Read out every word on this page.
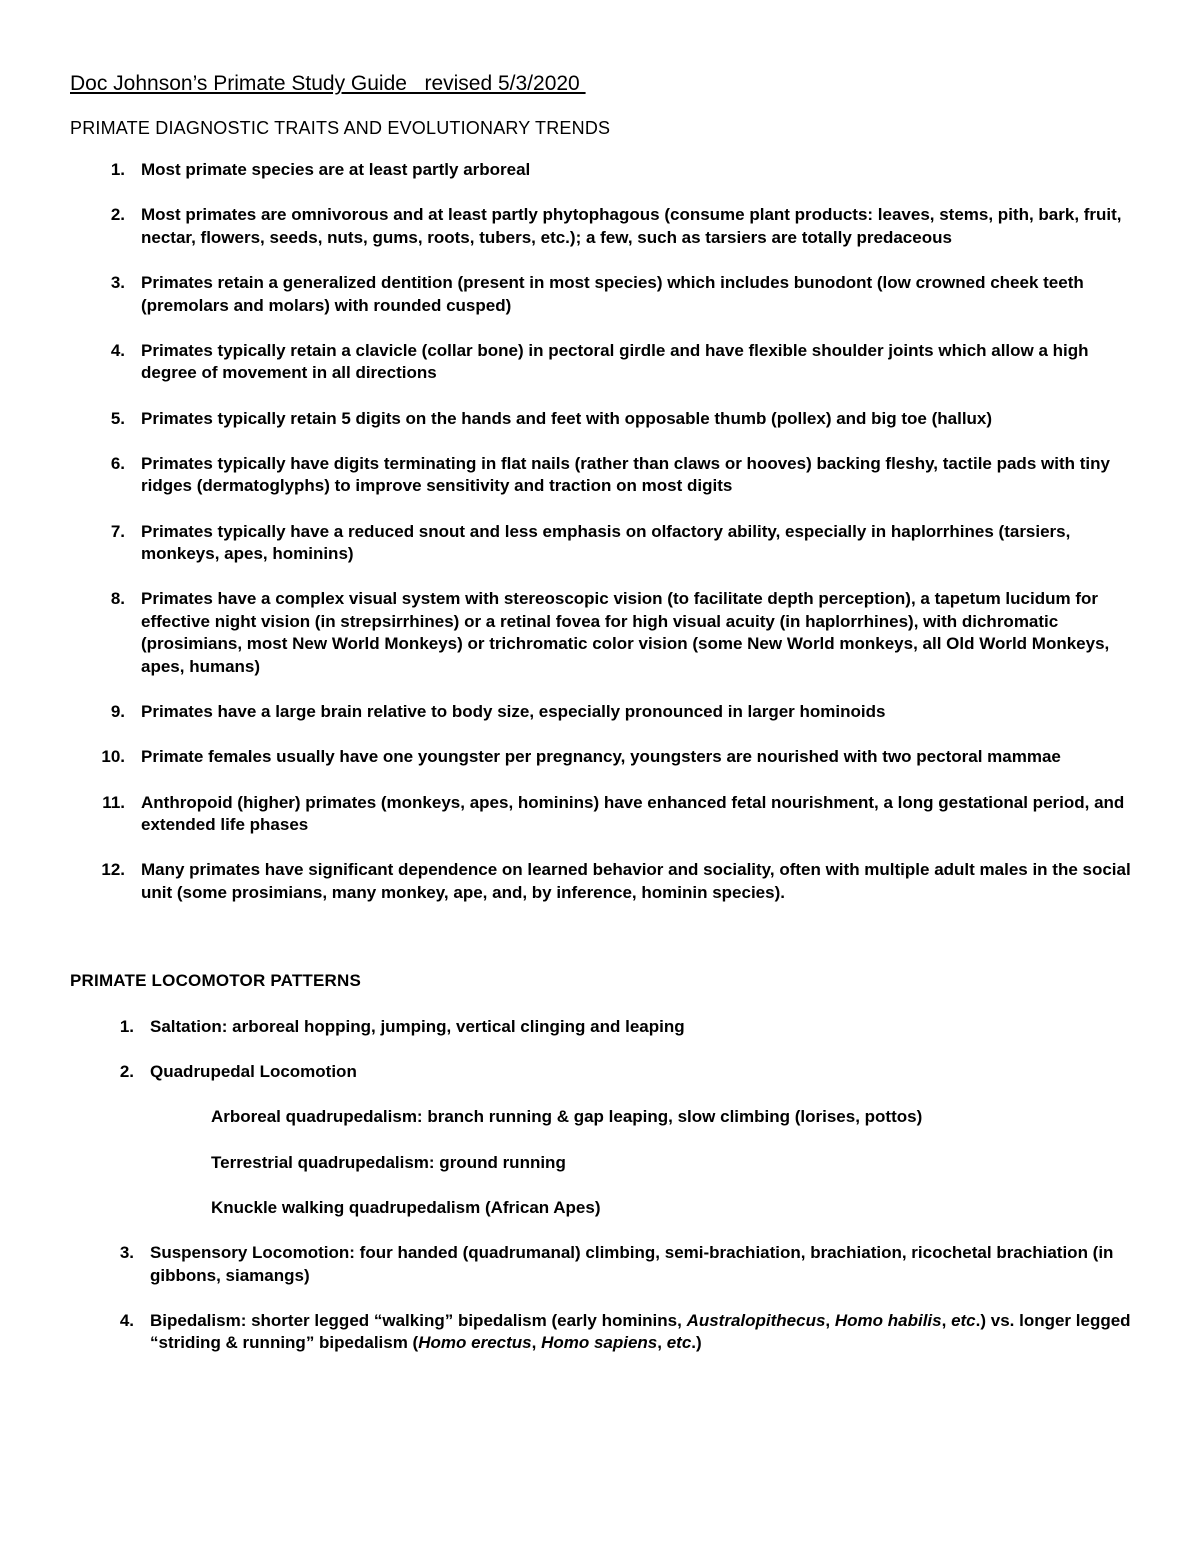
Doc Johnson’s Primate Study Guide   revised 5/3/2020
PRIMATE DIAGNOSTIC TRAITS AND EVOLUTIONARY TRENDS
1. Most primate species are at least partly arboreal
2. Most primates are omnivorous and at least partly phytophagous (consume plant products: leaves, stems, pith, bark, fruit, nectar, flowers, seeds, nuts, gums, roots, tubers, etc.); a few, such as tarsiers are totally predaceous
3. Primates retain a generalized dentition (present in most species) which includes bunodont (low crowned cheek teeth (premolars and molars) with rounded cusped)
4. Primates typically retain a clavicle (collar bone) in pectoral girdle and have flexible shoulder joints which allow a high degree of movement in all directions
5. Primates typically retain 5 digits on the hands and feet with opposable thumb (pollex) and big toe (hallux)
6. Primates typically have digits terminating in flat nails (rather than claws or hooves) backing fleshy, tactile pads with tiny ridges (dermatoglyphs) to improve sensitivity and traction on most digits
7. Primates typically have a reduced snout and less emphasis on olfactory ability, especially in haplorrhines (tarsiers, monkeys, apes, hominins)
8. Primates have a complex visual system with stereoscopic vision (to facilitate depth perception), a tapetum lucidum for effective night vision (in strepsirrhines) or a retinal fovea for high visual acuity (in haplorrhines), with dichromatic (prosimians, most New World Monkeys) or trichromatic color vision (some New World monkeys, all Old World Monkeys, apes, humans)
9. Primates have a large brain relative to body size, especially pronounced in larger hominoids
10. Primate females usually have one youngster per pregnancy, youngsters are nourished with two pectoral mammae
11. Anthropoid (higher) primates (monkeys, apes, hominins) have enhanced fetal nourishment, a long gestational period, and extended life phases
12. Many primates have significant dependence on learned behavior and sociality, often with multiple adult males in the social unit (some prosimians, many monkey, ape, and, by inference, hominin species).
PRIMATE LOCOMOTOR PATTERNS
1. Saltation: arboreal hopping, jumping, vertical clinging and leaping
2. Quadrupedal Locomotion
Arboreal quadrupedalism: branch running & gap leaping, slow climbing (lorises, pottos)
Terrestrial quadrupedalism: ground running
Knuckle walking quadrupedalism (African Apes)
3. Suspensory Locomotion: four handed (quadrumanal) climbing, semi-brachiation, brachiation, ricochetal brachiation (in gibbons, siamangs)
4. Bipedalism: shorter legged “walking” bipedalism (early hominins, Australopithecus, Homo habilis, etc.) vs. longer legged “striding & running” bipedalism (Homo erectus, Homo sapiens, etc.)
